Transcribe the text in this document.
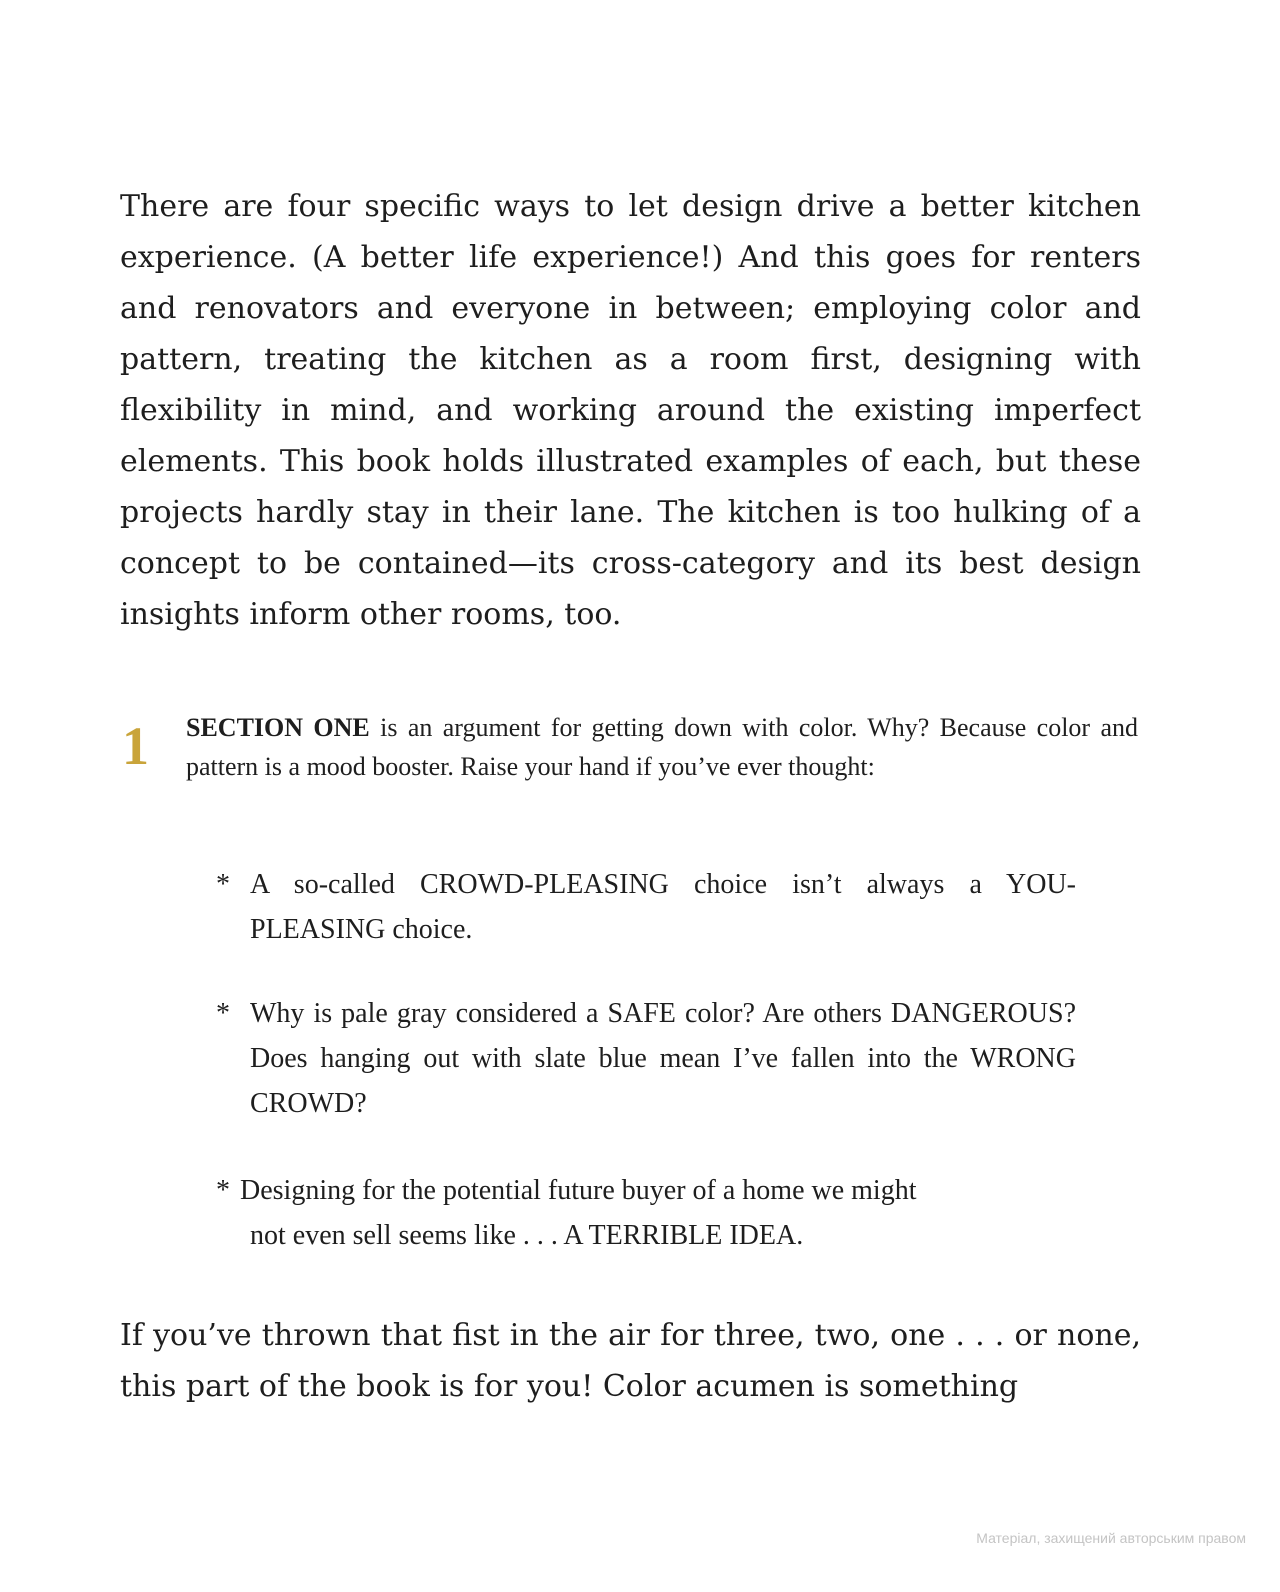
There are four specific ways to let design drive a better kitchen experience. (A better life experience!) And this goes for renters and renovators and everyone in between; employing color and pattern, treating the kitchen as a room first, designing with flexibility in mind, and working around the existing imperfect elements. This book holds illustrated examples of each, but these projects hardly stay in their lane. The kitchen is too hulking of a concept to be contained—its cross-category and its best design insights inform other rooms, too.

1 SECTION ONE is an argument for getting down with color. Why? Because color and pattern is a mood booster. Raise your hand if you’ve ever thought:

* A so-called CROWD-PLEASING choice isn’t always a YOU-PLEASING choice.
* Why is pale gray considered a SAFE color? Are others DANGEROUS? Does hanging out with slate blue mean I’ve fallen into the WRONG CROWD?
* Designing for the potential future buyer of a home we might
not even sell seems like . . . A TERRIBLE IDEA.

If you’ve thrown that fist in the air for three, two, one . . . or none, this part of the book is for you! Color acumen is something

Матеріал, захищений авторським правом
